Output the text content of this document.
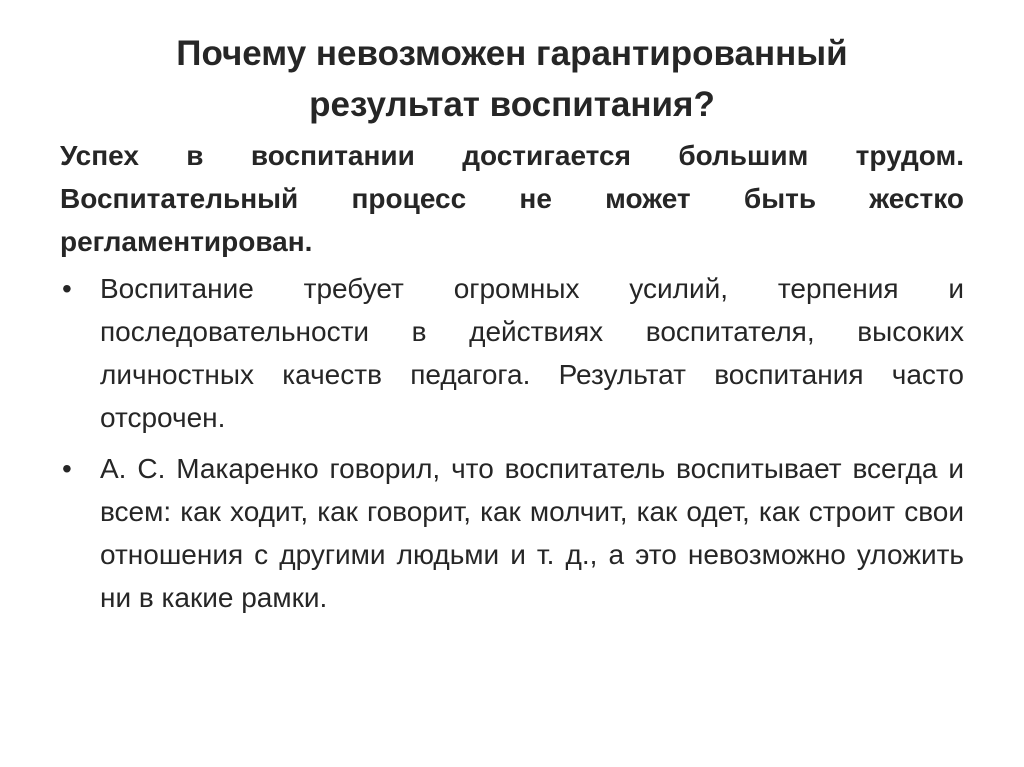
Почему невозможен гарантированный
результат воспитания?

Успех в воспитании достигается большим трудом. Воспитательный процесс не может быть жестко регламентирован.

• Воспитание требует огромных усилий, терпения и последовательности в действиях воспитателя, высоких личностных качеств педагога. Результат воспитания часто отсрочен.
• А. С. Макаренко говорил, что воспитатель воспитывает всегда и всем: как ходит, как говорит, как молчит, как одет, как строит свои отношения с другими людьми и т. д., а это невозможно уложить ни в какие рамки.
